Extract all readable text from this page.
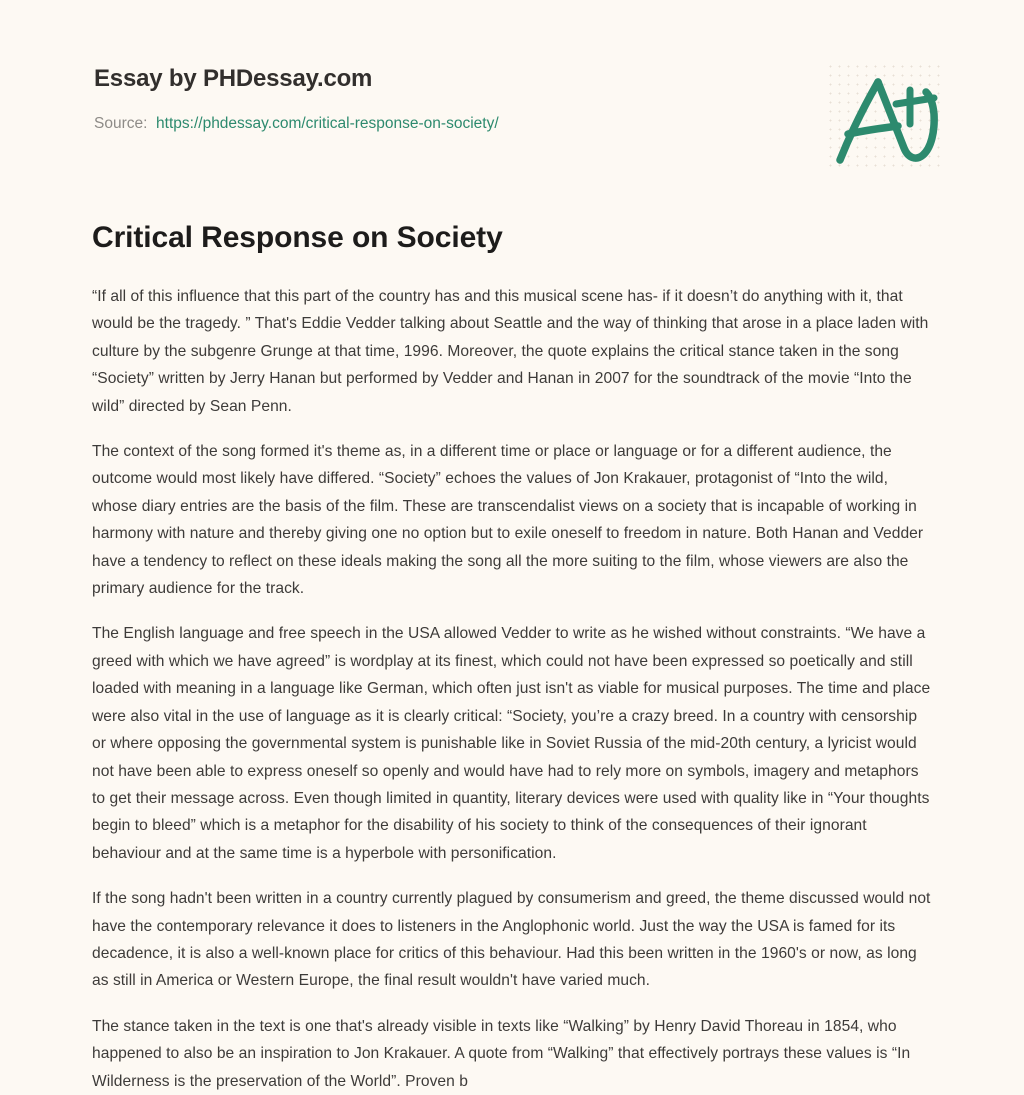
Essay by PHDessay.com
Source: https://phdessay.com/critical-response-on-society/
Critical Response on Society

“If all of this influence that this part of the country has and this musical scene has- if it doesn’t do anything with it, that would be the tragedy. ” That's Eddie Vedder talking about Seattle and the way of thinking that arose in a place laden with culture by the subgenre Grunge at that time, 1996. Moreover, the quote explains the critical stance taken in the song “Society” written by Jerry Hanan but performed by Vedder and Hanan in 2007 for the soundtrack of the movie “Into the wild” directed by Sean Penn.

The context of the song formed it's theme as, in a different time or place or language or for a different audience, the outcome would most likely have differed. “Society” echoes the values of Jon Krakauer, protagonist of “Into the wild, whose diary entries are the basis of the film. These are transcendalist views on a society that is incapable of working in harmony with nature and thereby giving one no option but to exile oneself to freedom in nature. Both Hanan and Vedder have a tendency to reflect on these ideals making the song all the more suiting to the film, whose viewers are also the primary audience for the track.

The English language and free speech in the USA allowed Vedder to write as he wished without constraints. “We have a greed with which we have agreed” is wordplay at its finest, which could not have been expressed so poetically and still loaded with meaning in a language like German, which often just isn't as viable for musical purposes. The time and place were also vital in the use of language as it is clearly critical: “Society, you’re a crazy breed. In a country with censorship or where opposing the governmental system is punishable like in Soviet Russia of the mid-20th century, a lyricist would not have been able to express oneself so openly and would have had to rely more on symbols, imagery and metaphors to get their message across. Even though limited in quantity, literary devices were used with quality like in “Your thoughts begin to bleed” which is a metaphor for the disability of his society to think of the consequences of their ignorant behaviour and at the same time is a hyperbole with personification.

If the song hadn't been written in a country currently plagued by consumerism and greed, the theme discussed would not have the contemporary relevance it does to listeners in the Anglophonic world. Just the way the USA is famed for its decadence, it is also a well-known place for critics of this behaviour. Had this been written in the 1960's or now, as long as still in America or Western Europe, the final result wouldn't have varied much.

The stance taken in the text is one that's already visible in texts like “Walking” by Henry David Thoreau in 1854, who happened to also be an inspiration to Jon Krakauer. A quote from “Walking” that effectively portrays these values is “In Wilderness is the preservation of the World”. Proven b
